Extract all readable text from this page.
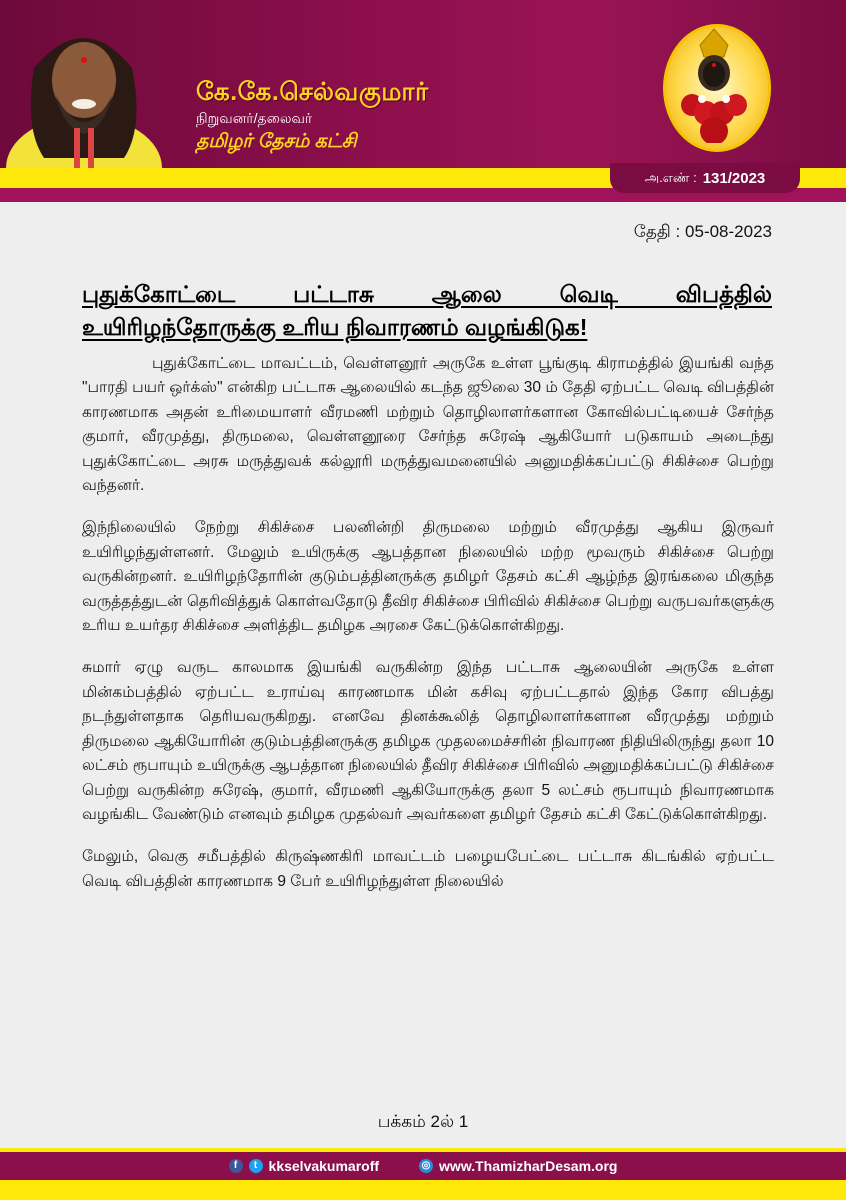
கே.கே.செல்வகுமார்
நிறுவனர்/தலைவர்
தமிழர் தேசம் கட்சி
அ.எண் : 131/2023
தேதி : 05-08-2023
புதுக்கோட்டை பட்டாசு ஆலை வெடி விபத்தில்
உயிரிழந்தோருக்கு உரிய நிவாரணம் வழங்கிடுக!

புதுக்கோட்டை மாவட்டம், வெள்ளனூர் அருகே உள்ள பூங்குடி கிராமத்தில் இயங்கி வந்த "பாரதி பயர் ஒர்க்ஸ்" என்கிற பட்டாசு ஆலையில் கடந்த ஜூலை 30 ம் தேதி ஏற்பட்ட வெடி விபத்தின் காரணமாக அதன் உரிமையாளர் வீரமணி மற்றும் தொழிலாளர்களான கோவில்பட்டியைச் சேர்ந்த குமார், வீரமுத்து, திருமலை, வெள்ளனூரை சேர்ந்த சுரேஷ் ஆகியோர் படுகாயம் அடைந்து புதுக்கோட்டை அரசு மருத்துவக் கல்லூரி மருத்துவமனையில் அனுமதிக்கப்பட்டு சிகிச்சை பெற்று வந்தனர்.

இந்நிலையில் நேற்று சிகிச்சை பலனின்றி திருமலை மற்றும் வீரமுத்து ஆகிய இருவர் உயிரிழந்துள்ளனர். மேலும் உயிருக்கு ஆபத்தான நிலையில் மற்ற மூவரும் சிகிச்சை பெற்று வருகின்றனர். உயிரிழந்தோரின் குடும்பத்தினருக்கு தமிழர் தேசம் கட்சி ஆழ்ந்த இரங்கலை மிகுந்த வருத்தத்துடன் தெரிவித்துக் கொள்வதோடு தீவிர சிகிச்சை பிரிவில் சிகிச்சை பெற்று வருபவர்களுக்கு உரிய உயர்தர சிகிச்சை அளித்திட தமிழக அரசை கேட்டுக்கொள்கிறது.

சுமார் ஏழு வருட காலமாக இயங்கி வருகின்ற இந்த பட்டாசு ஆலையின் அருகே உள்ள மின்கம்பத்தில் ஏற்பட்ட உராய்வு காரணமாக மின் கசிவு ஏற்பட்டதால் இந்த கோர விபத்து நடந்துள்ளதாக தெரியவருகிறது. எனவே தினக்கூலித் தொழிலாளர்களான வீரமுத்து மற்றும் திருமலை ஆகியோரின் குடும்பத்தினருக்கு தமிழக முதலமைச்சரின் நிவாரண நிதியிலிருந்து தலா 10 லட்சம் ரூபாயும் உயிருக்கு ஆபத்தான நிலையில் தீவிர சிகிச்சை பிரிவில் அனுமதிக்கப்பட்டு சிகிச்சை பெற்று வருகின்ற சுரேஷ், குமார், வீரமணி ஆகியோருக்கு தலா 5 லட்சம் ரூபாயும் நிவாரணமாக வழங்கிட வேண்டும் எனவும் தமிழக முதல்வர் அவர்களை தமிழர் தேசம் கட்சி கேட்டுக்கொள்கிறது.

மேலும், வெகு சமீபத்தில் கிருஷ்ணகிரி மாவட்டம் பழையபேட்டை பட்டாசு கிடங்கில் ஏற்பட்ட வெடி விபத்தின் காரணமாக 9 பேர் உயிரிழந்துள்ள நிலையில்

பக்கம் 2ல் 1
f	t kkselvakumaroff	◎ www.ThamizharDesam.org
